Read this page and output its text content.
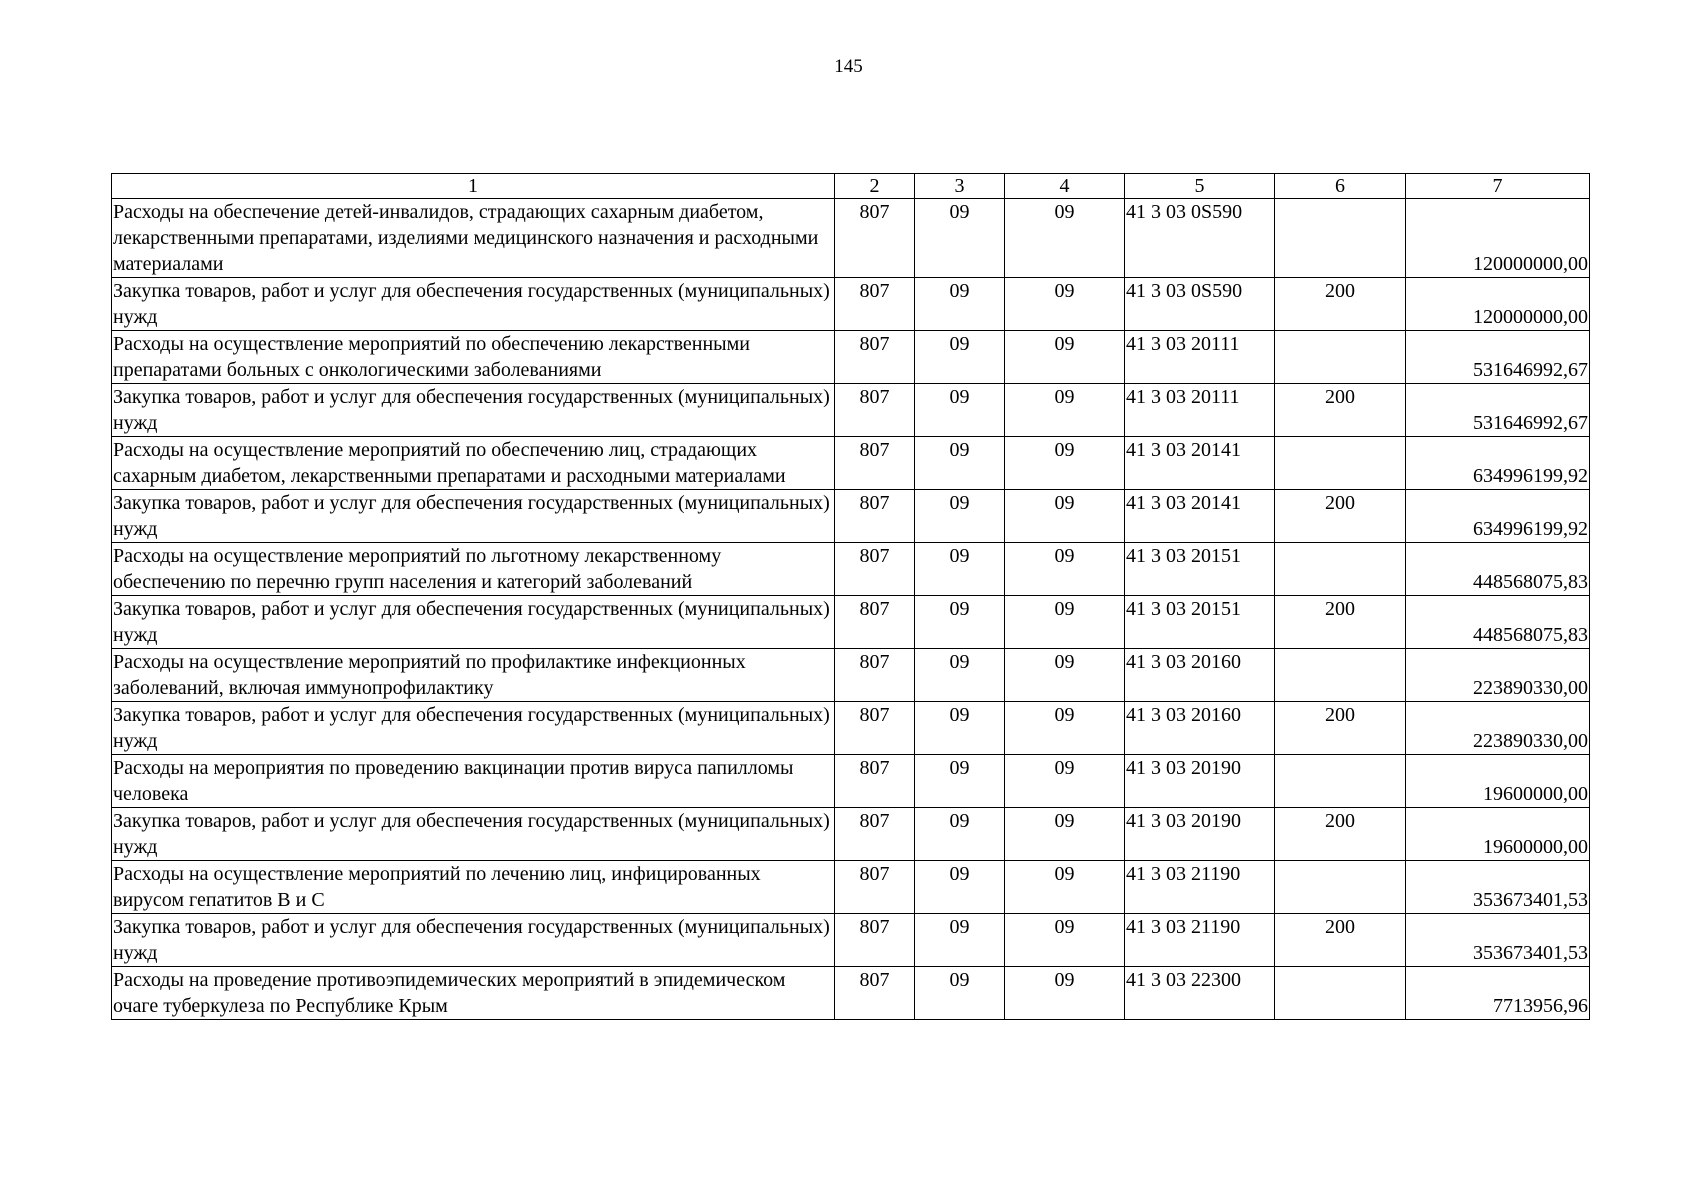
145
1	2	3	4	5	6	7
Расходы на обеспечение детей-инвалидов, страдающих сахарным диабетом, лекарственными препаратами, изделиями медицинского назначения и расходными материалами	807	09	09	41 3 03 0S590		120000000,00
Закупка товаров, работ и услуг для обеспечения государственных (муниципальных) нужд	807	09	09	41 3 03 0S590	200	120000000,00
Расходы на осуществление мероприятий по обеспечению лекарственными препаратами больных с онкологическими заболеваниями	807	09	09	41 3 03 20111		531646992,67
Закупка товаров, работ и услуг для обеспечения государственных (муниципальных) нужд	807	09	09	41 3 03 20111	200	531646992,67
Расходы на осуществление мероприятий по обеспечению лиц, страдающих сахарным диабетом, лекарственными препаратами и расходными материалами	807	09	09	41 3 03 20141		634996199,92
Закупка товаров, работ и услуг для обеспечения государственных (муниципальных) нужд	807	09	09	41 3 03 20141	200	634996199,92
Расходы на осуществление мероприятий по льготному лекарственному обеспечению по перечню групп населения и категорий заболеваний	807	09	09	41 3 03 20151		448568075,83
Закупка товаров, работ и услуг для обеспечения государственных (муниципальных) нужд	807	09	09	41 3 03 20151	200	448568075,83
Расходы на осуществление мероприятий по профилактике инфекционных заболеваний, включая иммунопрофилактику	807	09	09	41 3 03 20160		223890330,00
Закупка товаров, работ и услуг для обеспечения государственных (муниципальных) нужд	807	09	09	41 3 03 20160	200	223890330,00
Расходы на мероприятия по проведению вакцинации против вируса папилломы человека	807	09	09	41 3 03 20190		19600000,00
Закупка товаров, работ и услуг для обеспечения государственных (муниципальных) нужд	807	09	09	41 3 03 20190	200	19600000,00
Расходы на осуществление мероприятий по лечению лиц, инфицированных вирусом гепатитов В и С	807	09	09	41 3 03 21190		353673401,53
Закупка товаров, работ и услуг для обеспечения государственных (муниципальных) нужд	807	09	09	41 3 03 21190	200	353673401,53
Расходы на проведение противоэпидемических мероприятий в эпидемическом очаге туберкулеза по Республике Крым	807	09	09	41 3 03 22300		7713956,96
